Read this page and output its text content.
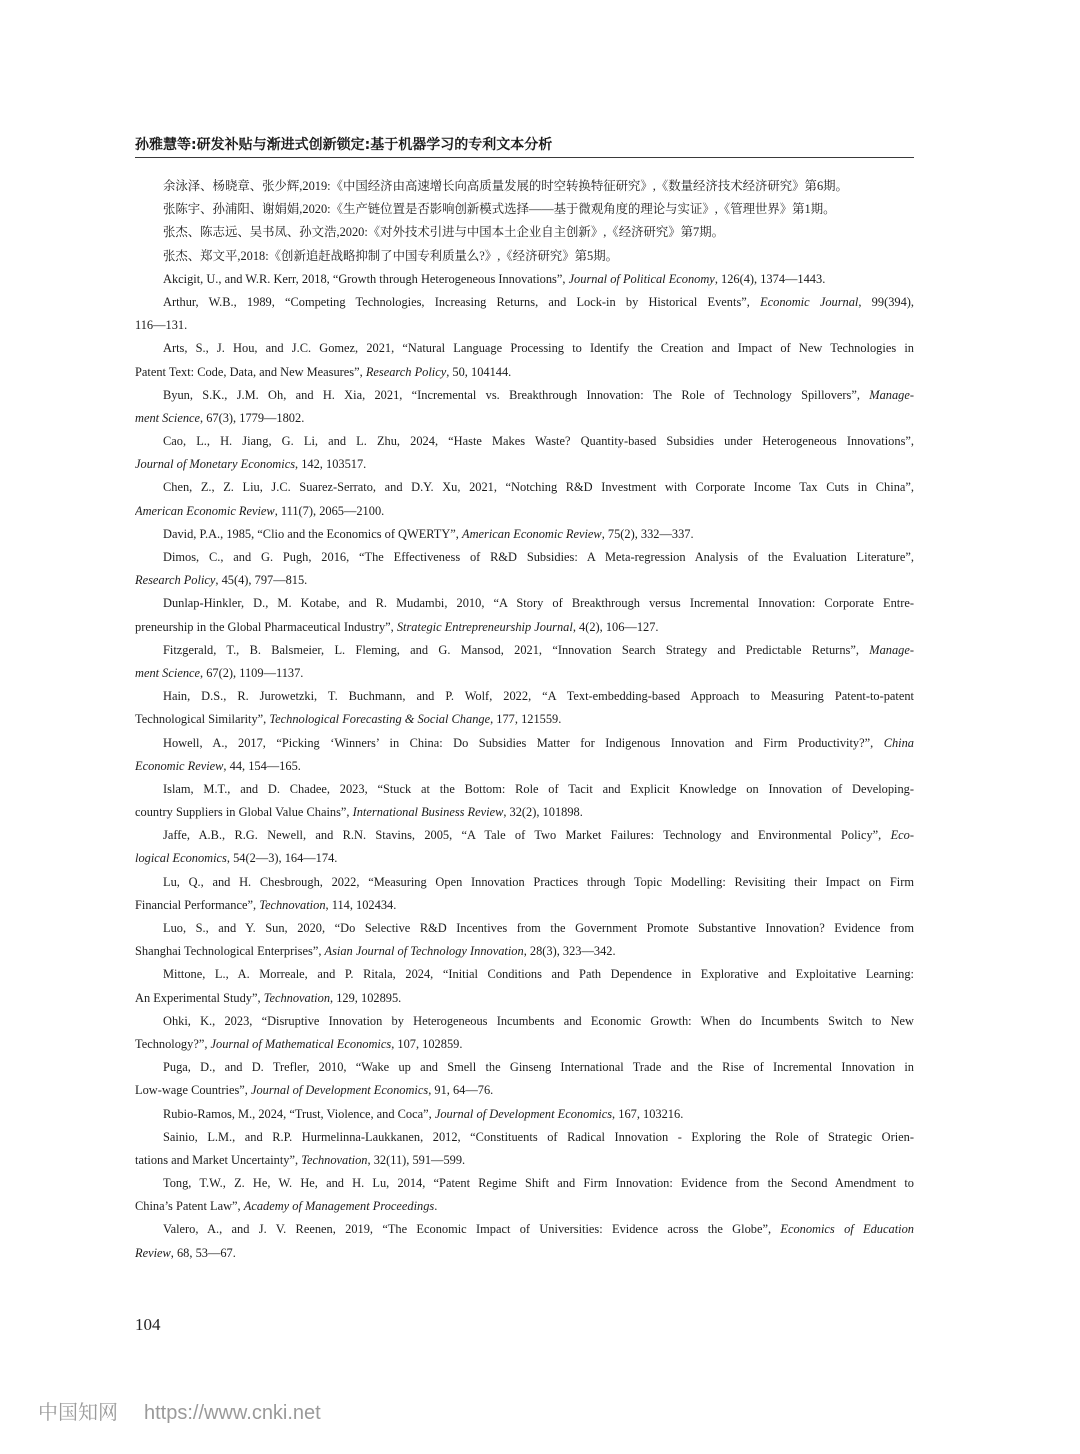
孙雅慧等:研发补贴与渐进式创新锁定:基于机器学习的专利文本分析
余泳泽、杨晓章、张少辉,2019:《中国经济由高速增长向高质量发展的时空转换特征研究》,《数量经济技术经济研究》第6期。
张陈宇、孙浦阳、谢娟娟,2020:《生产链位置是否影响创新模式选择——基于微观角度的理论与实证》,《管理世界》第1期。
张杰、陈志远、吴书凤、孙文浩,2020:《对外技术引进与中国本土企业自主创新》,《经济研究》第7期。
张杰、郑文平,2018:《创新追赶战略抑制了中国专利质量么?》,《经济研究》第5期。
Akcigit, U., and W.R. Kerr, 2018, “Growth through Heterogeneous Innovations”, Journal of Political Economy, 126(4), 1374—1443.
Arthur, W.B., 1989, “Competing Technologies, Increasing Returns, and Lock-in by Historical Events”, Economic Journal, 99(394),
116—131.
Arts, S., J. Hou, and J.C. Gomez, 2021, “Natural Language Processing to Identify the Creation and Impact of New Technologies in
Patent Text: Code, Data, and New Measures”, Research Policy, 50, 104144.
Byun, S.K., J.M. Oh, and H. Xia, 2021, “Incremental vs. Breakthrough Innovation: The Role of Technology Spillovers”, Manage-
ment Science, 67(3), 1779—1802.
Cao, L., H. Jiang, G. Li, and L. Zhu, 2024, “Haste Makes Waste? Quantity-based Subsidies under Heterogeneous Innovations”,
Journal of Monetary Economics, 142, 103517.
Chen, Z., Z. Liu, J.C. Suarez-Serrato, and D.Y. Xu, 2021, “Notching R&D Investment with Corporate Income Tax Cuts in China”,
American Economic Review, 111(7), 2065—2100.
David, P.A., 1985, “Clio and the Economics of QWERTY”, American Economic Review, 75(2), 332—337.
Dimos, C., and G. Pugh, 2016, “The Effectiveness of R&D Subsidies: A Meta-regression Analysis of the Evaluation Literature”,
Research Policy, 45(4), 797—815.
Dunlap-Hinkler, D., M. Kotabe, and R. Mudambi, 2010, “A Story of Breakthrough versus Incremental Innovation: Corporate Entre-
preneurship in the Global Pharmaceutical Industry”, Strategic Entrepreneurship Journal, 4(2), 106—127.
Fitzgerald, T., B. Balsmeier, L. Fleming, and G. Mansod, 2021, “Innovation Search Strategy and Predictable Returns”, Manage-
ment Science, 67(2), 1109—1137.
Hain, D.S., R. Jurowetzki, T. Buchmann, and P. Wolf, 2022, “A Text-embedding-based Approach to Measuring Patent-to-patent
Technological Similarity”, Technological Forecasting & Social Change, 177, 121559.
Howell, A., 2017, “Picking ‘Winners’ in China: Do Subsidies Matter for Indigenous Innovation and Firm Productivity?”, China
Economic Review, 44, 154—165.
Islam, M.T., and D. Chadee, 2023, “Stuck at the Bottom: Role of Tacit and Explicit Knowledge on Innovation of Developing-
country Suppliers in Global Value Chains”, International Business Review, 32(2), 101898.
Jaffe, A.B., R.G. Newell, and R.N. Stavins, 2005, “A Tale of Two Market Failures: Technology and Environmental Policy”, Eco-
logical Economics, 54(2—3), 164—174.
Lu, Q., and H. Chesbrough, 2022, “Measuring Open Innovation Practices through Topic Modelling: Revisiting their Impact on Firm
Financial Performance”, Technovation, 114, 102434.
Luo, S., and Y. Sun, 2020, “Do Selective R&D Incentives from the Government Promote Substantive Innovation? Evidence from
Shanghai Technological Enterprises”, Asian Journal of Technology Innovation, 28(3), 323—342.
Mittone, L., A. Morreale, and P. Ritala, 2024, “Initial Conditions and Path Dependence in Explorative and Exploitative Learning:
An Experimental Study”, Technovation, 129, 102895.
Ohki, K., 2023, “Disruptive Innovation by Heterogeneous Incumbents and Economic Growth: When do Incumbents Switch to New
Technology?”, Journal of Mathematical Economics, 107, 102859.
Puga, D., and D. Trefler, 2010, “Wake up and Smell the Ginseng International Trade and the Rise of Incremental Innovation in
Low-wage Countries”, Journal of Development Economics, 91, 64—76.
Rubio-Ramos, M., 2024, “Trust, Violence, and Coca”, Journal of Development Economics, 167, 103216.
Sainio, L.M., and R.P. Hurmelinna-Laukkanen, 2012, “Constituents of Radical Innovation - Exploring the Role of Strategic Orien-
tations and Market Uncertainty”, Technovation, 32(11), 591—599.
Tong, T.W., Z. He, W. He, and H. Lu, 2014, “Patent Regime Shift and Firm Innovation: Evidence from the Second Amendment to
China’s Patent Law”, Academy of Management Proceedings.
Valero, A., and J. V. Reenen, 2019, “The Economic Impact of Universities: Evidence across the Globe”, Economics of Education
Review, 68, 53—67.
104
中国知网 https://www.cnki.net
